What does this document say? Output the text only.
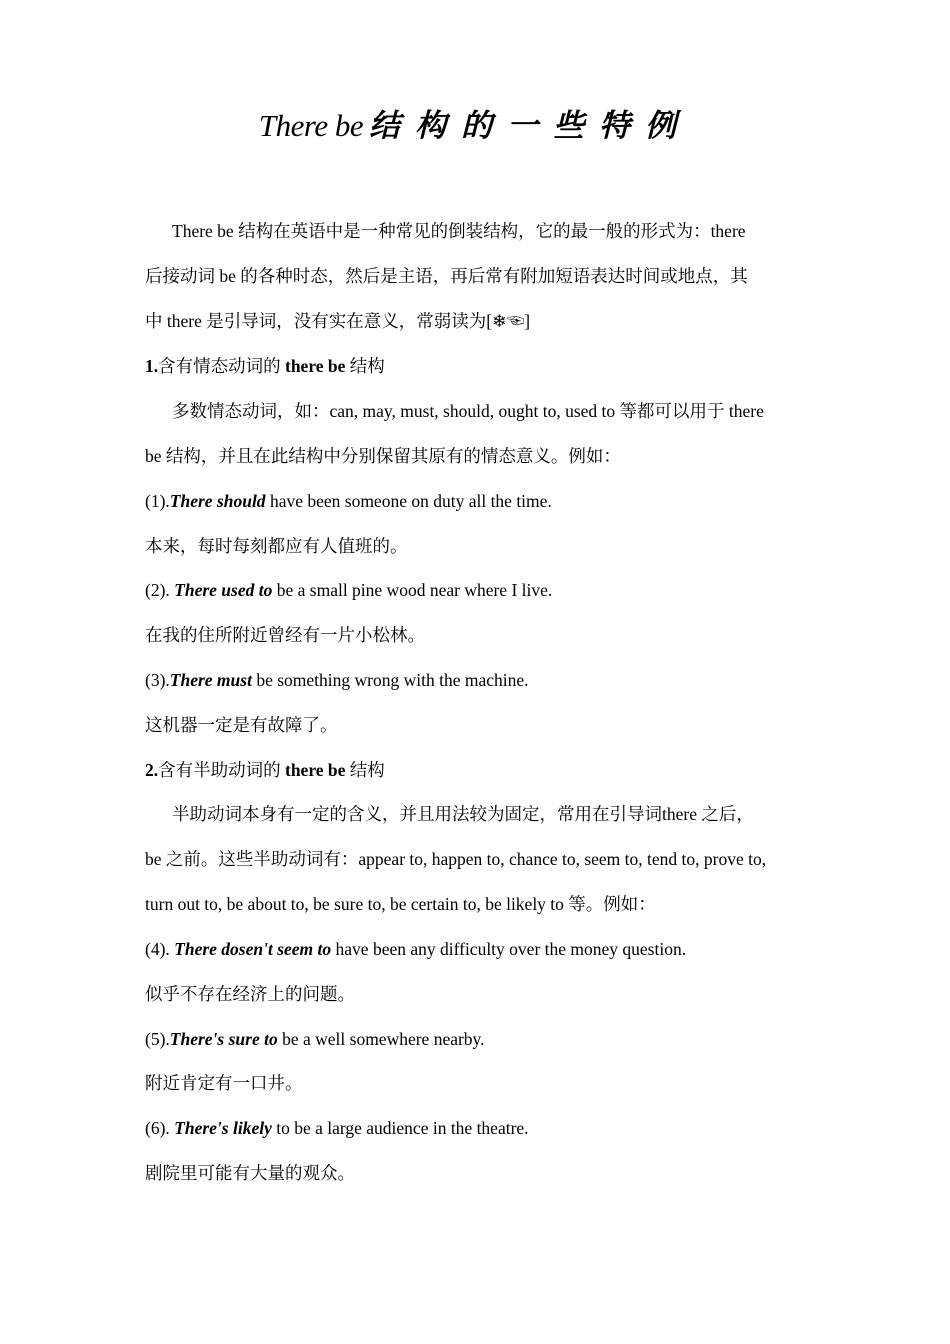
There be 结构的一些特例
There be 结构在英语中是一种常见的倒装结构，它的最一般的形式为：there
后接动词 be 的各种时态，然后是主语，再后常有附加短语表达时间或地点，其
中 there 是引导词，没有实在意义，常弱读为[❄☜]
1.含有情态动词的 there be 结构
多数情态动词，如：can, may, must, should, ought to, used to 等都可以用于 there
be 结构，并且在此结构中分别保留其原有的情态意义。例如：
(1).There should have been someone on duty all the time.
本来，每时每刻都应有人值班的。
(2). There used to be a small pine wood near where I live.
在我的住所附近曾经有一片小松林。
(3).There must be something wrong with the machine.
这机器一定是有故障了。
2.含有半助动词的 there be 结构
半助动词本身有一定的含义，并且用法较为固定，常用在引导词there 之后，
be 之前。这些半助动词有：appear to, happen to, chance to, seem to, tend to, prove to,
turn out to, be about to, be sure to, be certain to, be likely to 等。例如：
(4). There dosen't seem to have been any difficulty over the money question.
似乎不存在经济上的问题。
(5).There's sure to be a well somewhere nearby.
附近肯定有一口井。
(6). There's likely to be a large audience in the theatre.
剧院里可能有大量的观众。
